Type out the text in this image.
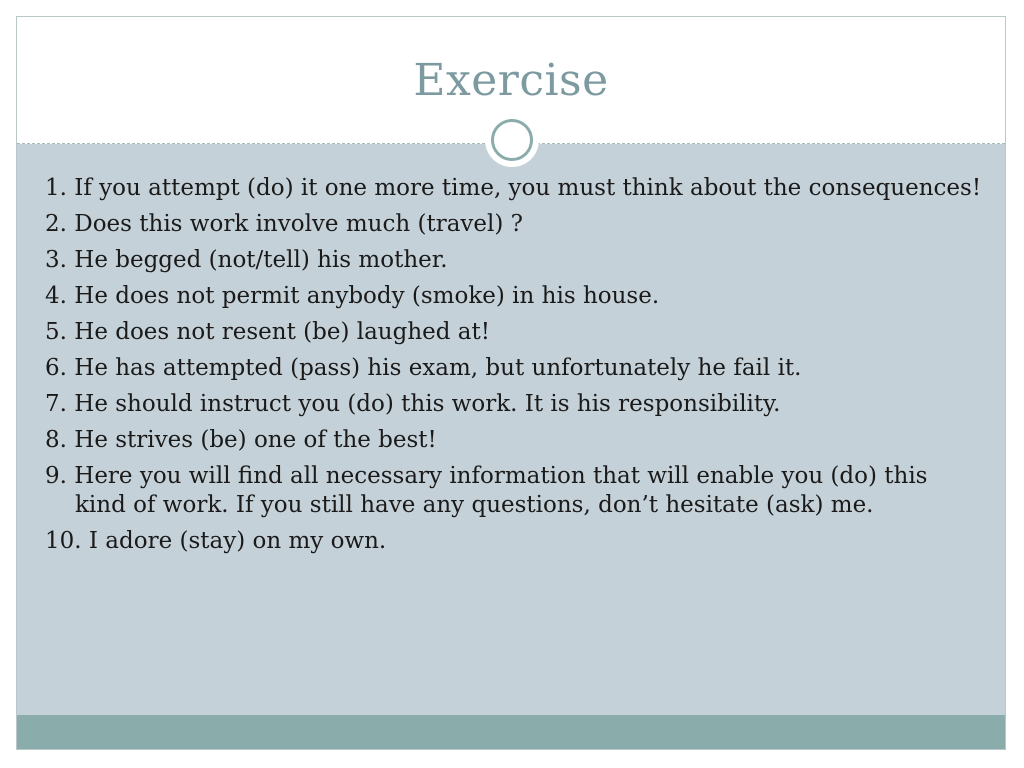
Exercise
1. If you attempt (do) it one more time, you must think about the consequences!
2. Does this work involve much (travel) ?
3. He begged (not/tell) his mother.
4. He does not permit anybody (smoke) in his house.
5. He does not resent (be) laughed at!
6. He has attempted (pass) his exam, but unfortunately he fail it.
7. He should instruct you (do) this work. It is his responsibility.
8. He strives (be) one of the best!
9. Here you will find all necessary information that will enable you (do) this kind of work. If you still have any questions, don’t hesitate (ask) me.
10. I adore (stay) on my own.
